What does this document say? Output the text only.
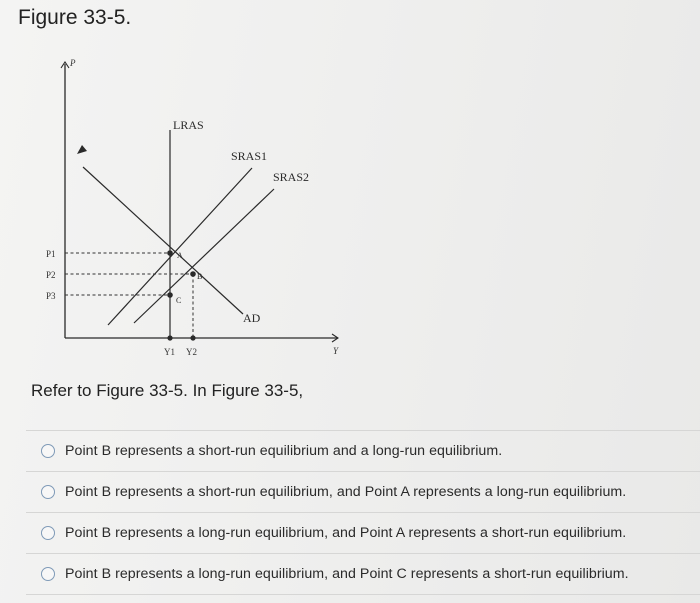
Figure 33-5.
P
Y
LRAS
AD
SRAS1
SRAS2
A
B
C
P1
P2
P3
Y1 Y2
Refer to Figure 33-5. In Figure 33-5,
Point B represents a short-run equilibrium and a long-run equilibrium.
Point B represents a short-run equilibrium, and Point A represents a long-run equilibrium.
Point B represents a long-run equilibrium, and Point A represents a short-run equilibrium.
Point B represents a long-run equilibrium, and Point C represents a short-run equilibrium.
